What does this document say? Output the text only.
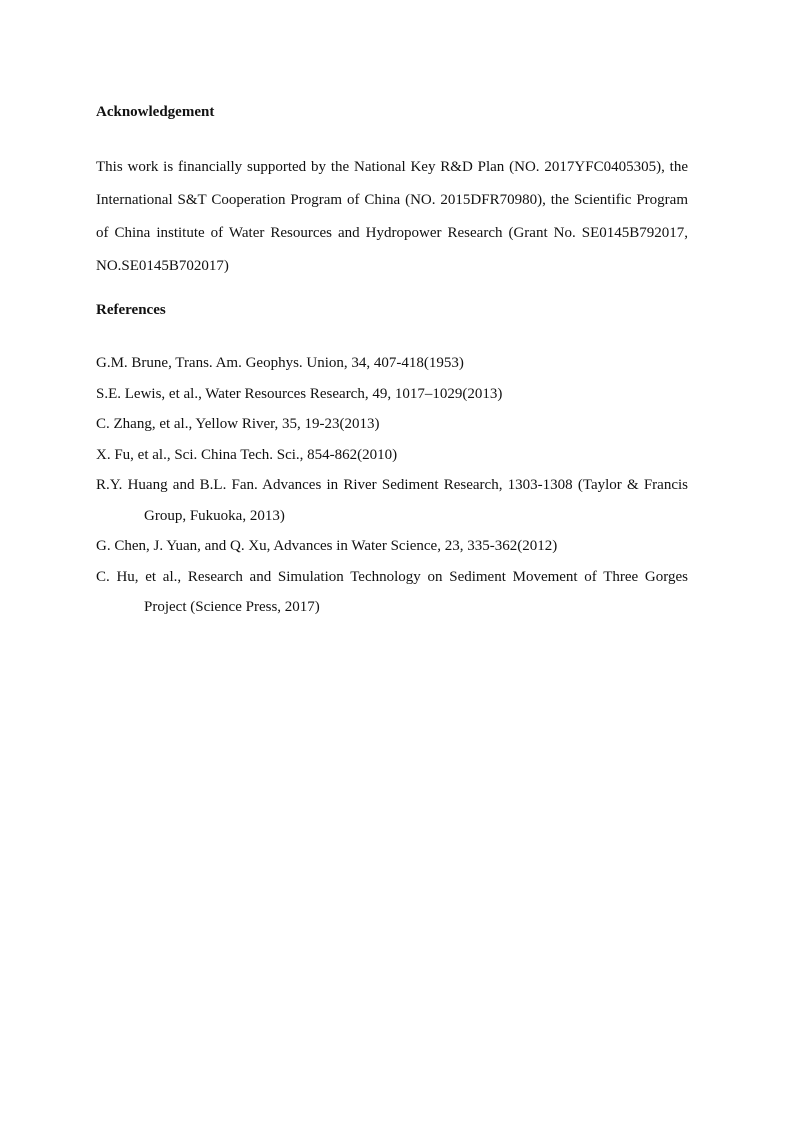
Acknowledgement

This work is financially supported by the National Key R&D Plan (NO. 2017YFC0405305), the International S&T Cooperation Program of China (NO. 2015DFR70980), the Scientific Program of China institute of Water Resources and Hydropower Research (Grant No. SE0145B792017, NO.SE0145B702017)

References
G.M. Brune, Trans. Am. Geophys. Union, 34, 407-418(1953)
S.E. Lewis, et al., Water Resources Research, 49, 1017–1029(2013)
C. Zhang, et al., Yellow River, 35, 19-23(2013)
X. Fu, et al., Sci. China Tech. Sci., 854-862(2010)
R.Y. Huang and B.L. Fan. Advances in River Sediment Research, 1303-1308 (Taylor & Francis Group, Fukuoka, 2013)
G. Chen, J. Yuan, and Q. Xu, Advances in Water Science, 23, 335-362(2012)
C. Hu, et al., Research and Simulation Technology on Sediment Movement of Three Gorges Project (Science Press, 2017)
